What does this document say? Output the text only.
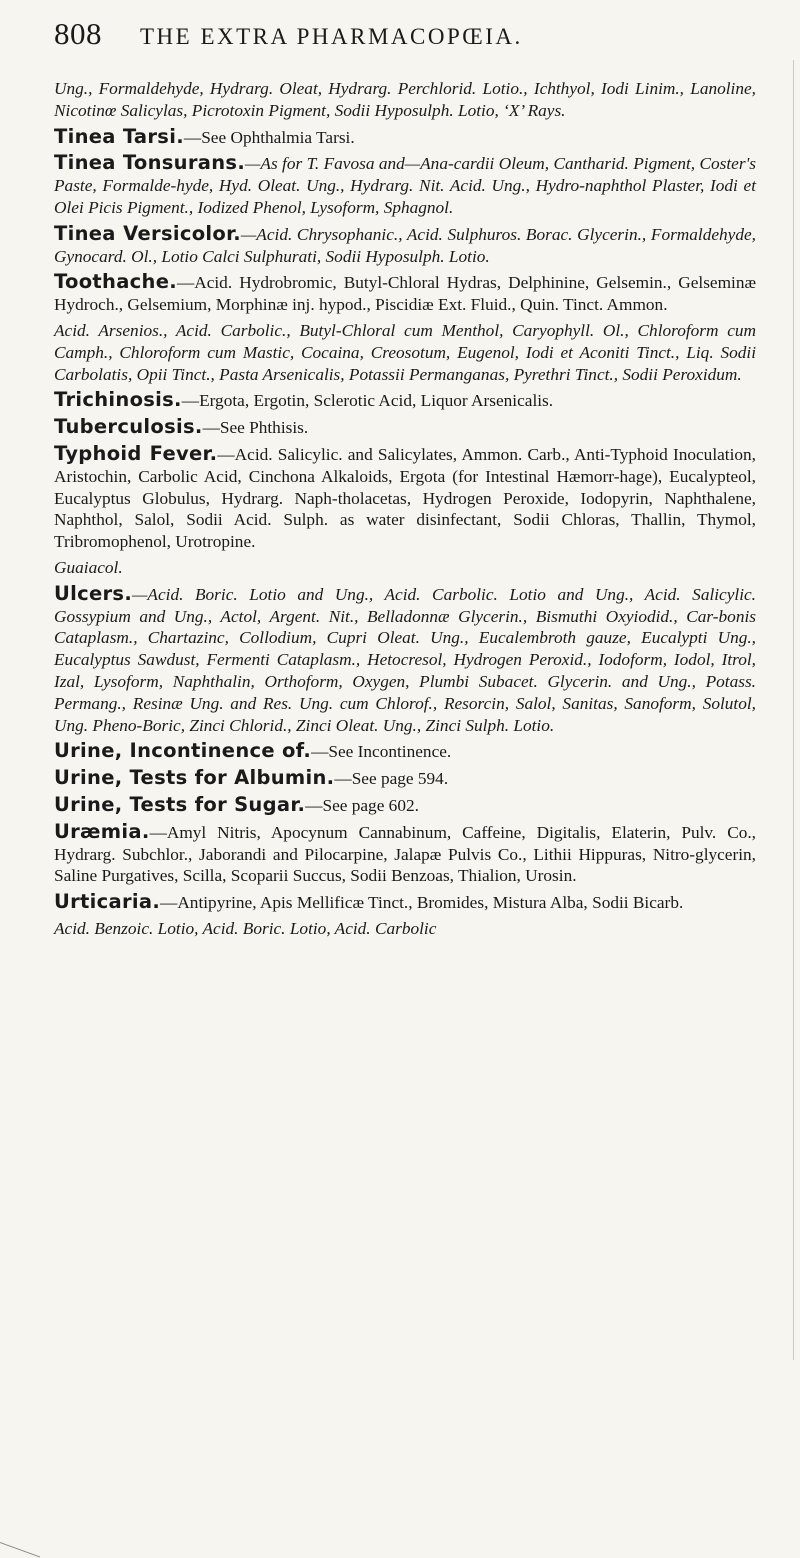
808 THE EXTRA PHARMACOPŒIA.

Ung., Formaldehyde, Hydrarg. Oleat, Hydrarg. Perchlorid. Lotio., Ichthyol, Iodi Linim., Lanoline, Nicotinœ Salicylas, Picrotoxin Pigment, Sodii Hyposulph. Lotio, ‘X’ Rays.

Tinea Tarsi.—See Ophthalmia Tarsi.

Tinea Tonsurans.—As for T. Favosa and—Ana-cardii Oleum, Cantharid. Pigment, Coster's Paste, Formalde-hyde, Hyd. Oleat. Ung., Hydrarg. Nit. Acid. Ung., Hydro-naphthol Plaster, Iodi et Olei Picis Pigment., Iodized Phenol, Lysoform, Sphagnol.

Tinea Versicolor.—Acid. Chrysophanic., Acid. Sulphuros. Borac. Glycerin., Formaldehyde, Gynocard. Ol., Lotio Calci Sulphurati, Sodii Hyposulph. Lotio.

Toothache.—Acid. Hydrobromic, Butyl-Chloral Hydras, Delphinine, Gelsemin., Gelseminæ Hydroch., Gelsemium, Morphinæ inj. hypod., Piscidiæ Ext. Fluid., Quin. Tinct. Ammon.

Acid. Arsenios., Acid. Carbolic., Butyl-Chloral cum Menthol, Caryophyll. Ol., Chloroform cum Camph., Chloroform cum Mastic, Cocaina, Creosotum, Eugenol, Iodi et Aconiti Tinct., Liq. Sodii Carbolatis, Opii Tinct., Pasta Arsenicalis, Potassii Permanganas, Pyrethri Tinct., Sodii Peroxidum.

Trichinosis.—Ergota, Ergotin, Sclerotic Acid, Liquor Arsenicalis.

Tuberculosis.—See Phthisis.

Typhoid Fever.—Acid. Salicylic. and Salicylates, Ammon. Carb., Anti-Typhoid Inoculation, Aristochin, Carbolic Acid, Cinchona Alkaloids, Ergota (for Intestinal Hæmorr-hage), Eucalypteol, Eucalyptus Globulus, Hydrarg. Naph-tholacetas, Hydrogen Peroxide, Iodopyrin, Naphthalene, Naphthol, Salol, Sodii Acid. Sulph. as water disinfectant, Sodii Chloras, Thallin, Thymol, Tribromophenol, Urotropine.

Guaiacol.

Ulcers.—Acid. Boric. Lotio and Ung., Acid. Carbolic. Lotio and Ung., Acid. Salicylic. Gossypium and Ung., Actol, Argent. Nit., Belladonnæ Glycerin., Bismuthi Oxyiodid., Car-bonis Cataplasm., Chartazinc, Collodium, Cupri Oleat. Ung., Eucalembroth gauze, Eucalypti Ung., Eucalyptus Sawdust, Fermenti Cataplasm., Hetocresol, Hydrogen Peroxid., Iodoform, Iodol, Itrol, Izal, Lysoform, Naphthalin, Orthoform, Oxygen, Plumbi Subacet. Glycerin. and Ung., Potass. Permang., Resinæ Ung. and Res. Ung. cum Chlorof., Resorcin, Salol, Sanitas, Sanoform, Solutol, Ung. Pheno-Boric, Zinci Chlorid., Zinci Oleat. Ung., Zinci Sulph. Lotio.

Urine, Incontinence of.—See Incontinence.

Urine, Tests for Albumin.—See page 594.

Urine, Tests for Sugar.—See page 602.

Uræmia.—Amyl Nitris, Apocynum Cannabinum, Caffeine, Digitalis, Elaterin, Pulv. Co., Hydrarg. Subchlor., Jaborandi and Pilocarpine, Jalapæ Pulvis Co., Lithii Hippuras, Nitro-glycerin, Saline Purgatives, Scilla, Scoparii Succus, Sodii Benzoas, Thialion, Urosin.

Urticaria.—Antipyrine, Apis Mellificæ Tinct., Bromides, Mistura Alba, Sodii Bicarb.

Acid. Benzoic. Lotio, Acid. Boric. Lotio, Acid. Carbolic
